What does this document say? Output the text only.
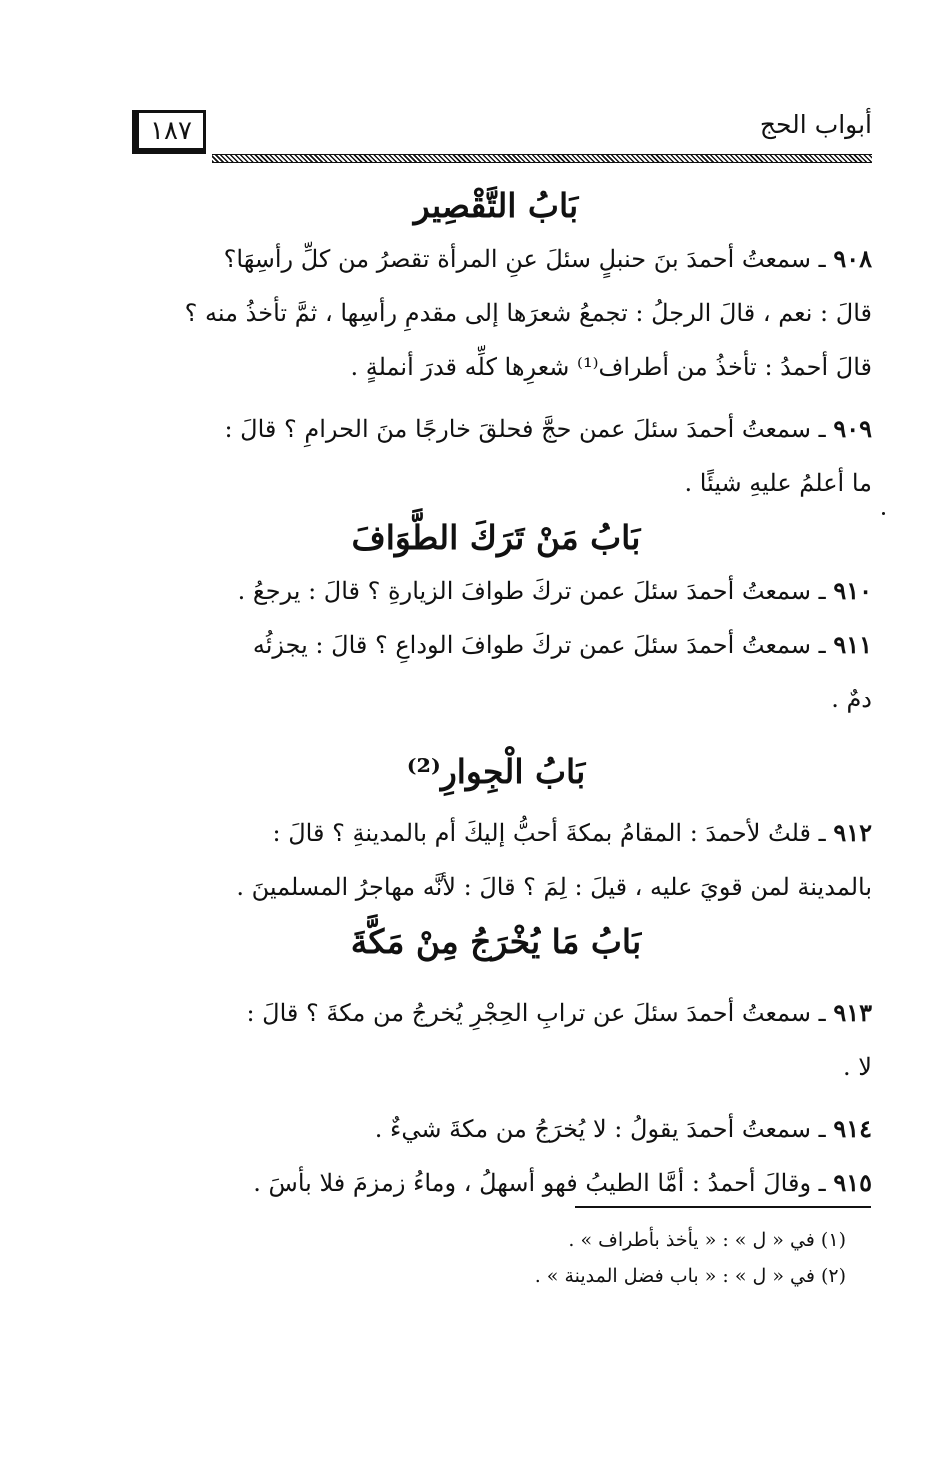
١٨٧	أبواب الحج
بَابُ التَّقْصِير

٩٠٨ ـ سمعتُ أحمدَ بنَ حنبلٍ سئلَ عنِ المرأة تقصرُ من كلِّ رأسِهَا؟
قالَ : نعم ، قالَ الرجلُ : تجمعُ شعرَها إلى مقدمِ رأسِها ، ثمَّ تأخذُ منه ؟
قالَ أحمدُ : تأخذُ من أطراف⁽¹⁾ شعرِها كلِّه قدرَ أنملةٍ .

٩٠٩ ـ سمعتُ أحمدَ سئلَ عمن حجَّ فحلقَ خارجًا منَ الحرامِ ؟ قالَ :
ما أعلمُ عليهِ شيئًا .

بَابُ مَنْ تَرَكَ الطَّوَافَ

٩١٠ ـ سمعتُ أحمدَ سئلَ عمن تركَ طوافَ الزيارةِ ؟ قالَ : يرجعُ .

٩١١ ـ سمعتُ أحمدَ سئلَ عمن تركَ طوافَ الوداعِ ؟ قالَ : يجزئُه
دمٌ .

بَابُ الْجِوارِ⁽²⁾

٩١٢ ـ قلتُ لأحمدَ : المقامُ بمكةَ أحبُّ إليكَ أم بالمدينةِ ؟ قالَ :
بالمدينة لمن قويَ عليه ، قيلَ : لِمَ ؟ قالَ : لأنَّه مهاجرُ المسلمينَ .

بَابُ مَا يُخْرَجُ مِنْ مَكَّةَ

٩١٣ ـ سمعتُ أحمدَ سئلَ عن ترابِ الحِجْرِ يُخرجُ من مكةَ ؟ قالَ :
لا .

٩١٤ ـ سمعتُ أحمدَ يقولُ : لا يُخرَجُ من مكةَ شيءٌ .

٩١٥ ـ وقالَ أحمدُ : أمَّا الطيبُ فهو أسهلُ ، وماءُ زمزمَ فلا بأسَ .

(١) في « ل » : « يأخذ بأطراف » .
(٢) في « ل » : « باب فضل المدينة » .
